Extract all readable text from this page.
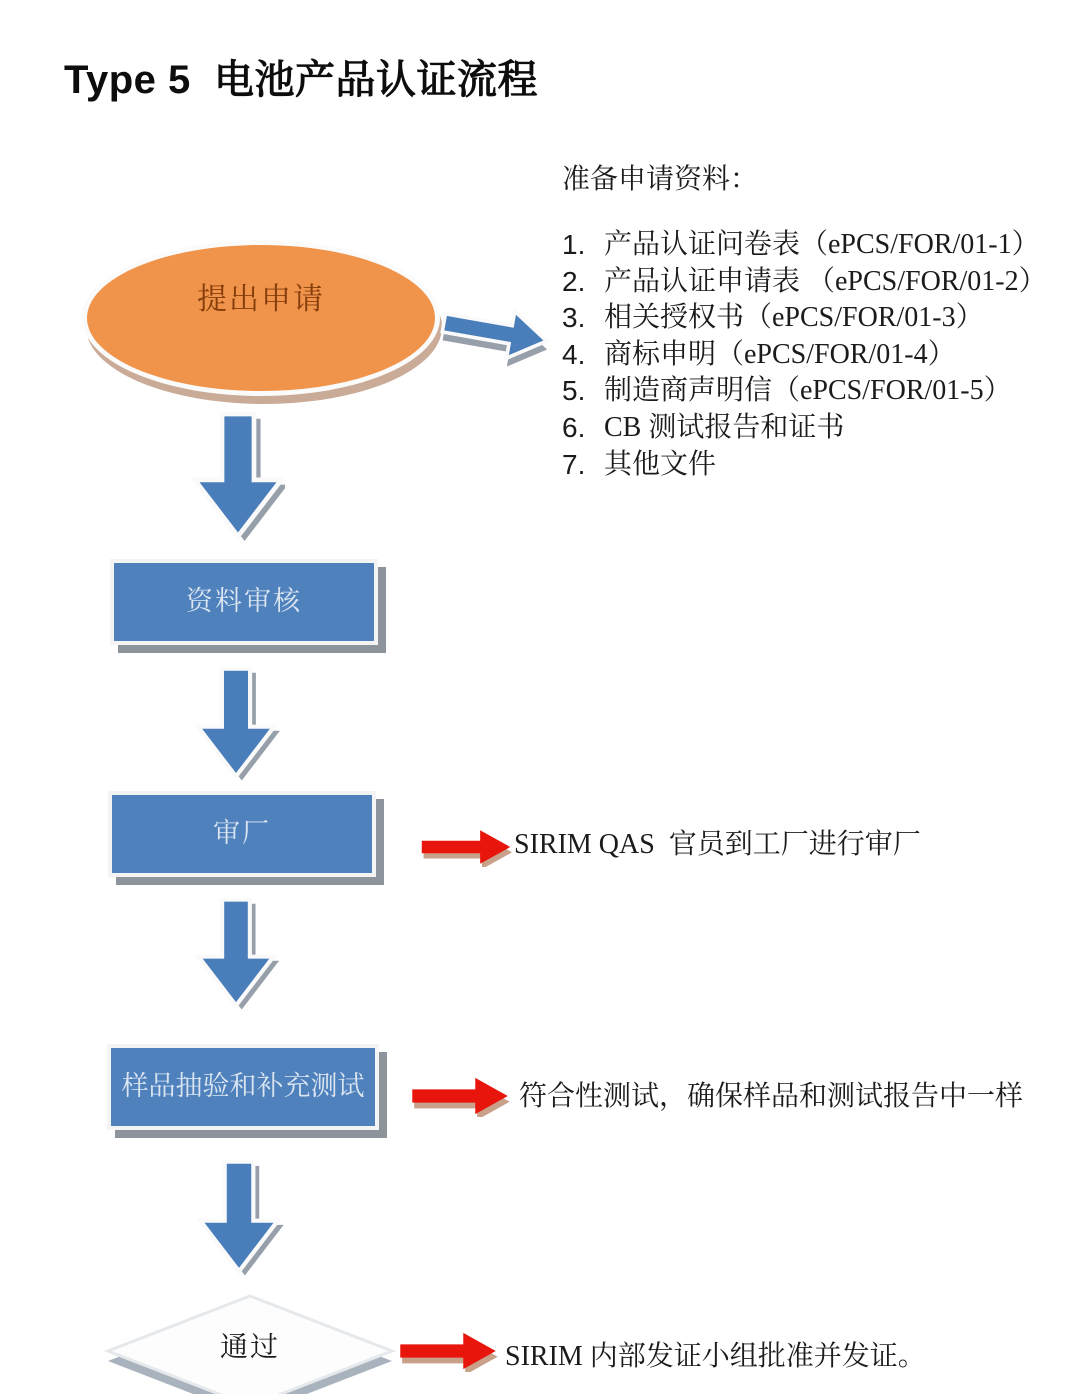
Type 5  电池产品认证流程
提出申请
准备申请资料：
1. 产品认证问卷表（ePCS/FOR/01-1）
2. 产品认证申请表 （ePCS/FOR/01-2）
3. 相关授权书（ePCS/FOR/01-3）
4. 商标申明（ePCS/FOR/01-4）
5. 制造商声明信（ePCS/FOR/01-5）
6. CB 测试报告和证书
7. 其他文件
资料审核
审厂	SIRIM QAS  官员到工厂进行审厂
样品抽验和补充测试	符合性测试，确保样品和测试报告中一样
通过	SIRIM 内部发证小组批准并发证。
